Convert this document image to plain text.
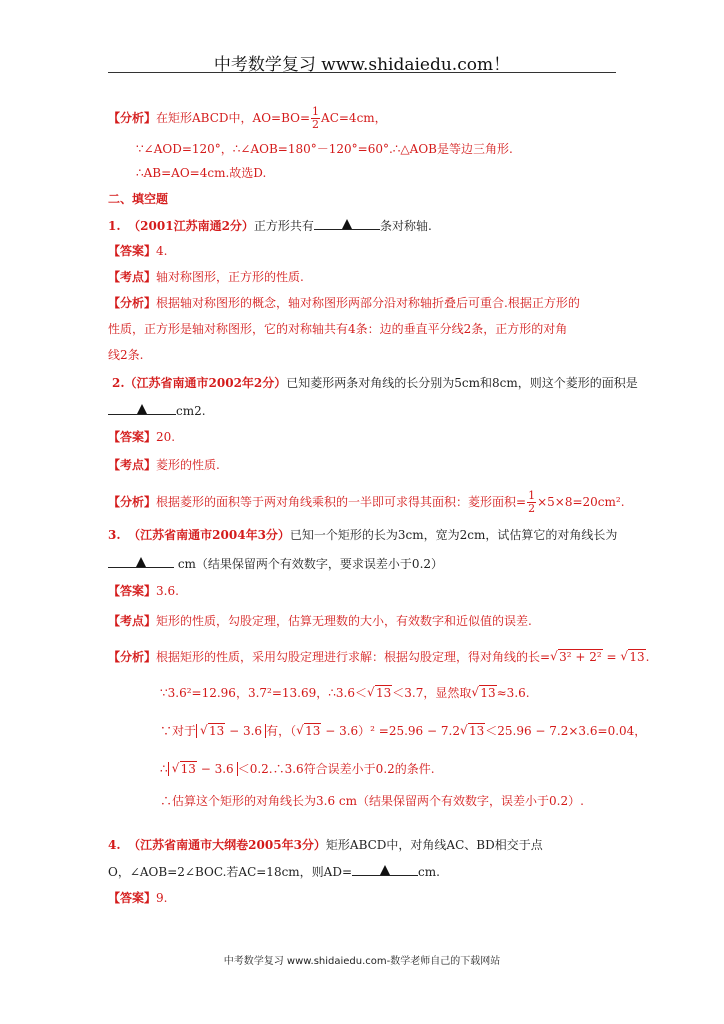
中考数学复习 www.shidaiedu.com！
【分析】在矩形ABCD中，$AO=BO= \frac{1}{2} AC=4cm$，
∵∠AOD=120°，∴∠AOB=180°－120°=60°.∴△AOB是等边三角形.
∴AB=AO=4cm.故选D.
二、填空题
1. （2001江苏南通2分）正方形共有	条对称轴.
【答案】4.
【考点】轴对称图形，正方形的性质.
【分析】根据轴对称图形的概念，轴对称图形两部分沿对称轴折叠后可重合.根据正方形的
性质，正方形是轴对称图形，它的对称轴共有4条：边的垂直平分线2条，正方形的对角
线2条.
2.（江苏省南通市2002年2分）已知菱形两条对角线的长分别为5cm和8cm，则这个菱形的面积是
cm2.
【答案】20.
【考点】菱形的性质.
【分析】根据菱形的面积等于两对角线乘积的一半即可求得其面积：菱形面积= $\frac{1}{2} \times 5\times 8=20cm^2$.
3. （江苏省南通市2004年3分）已知一个矩形的长为3cm，宽为2cm，试估算它的对角线长为
cm（结果保留两个有效数字，要求误差小于0.2）
【答案】3.6.
【考点】矩形的性质，勾股定理，估算无理数的大小，有效数字和近似值的误差.
【分析】根据矩形的性质，采用勾股定理进行求解：根据勾股定理，得对角线的长= √ 3² + 2² = √ 13.
∵3.6²=12.96，3.7²=13.69，∴3.6＜ √ 13＜3.7，显然取 √ 13≈3.6.
∵对于 √ 13 − 3.6 有，（ √ 13 − 3.6）² =25.96 − 7.2 √ 13＜25.96 − 7.2×3.6=0.04，
∴ √ 13 − 3.6 ＜0.2.∴3.6符合误差小于0.2的条件.
∴估算这个矩形的对角线长为3.6 cm（结果保留两个有效数字，误差小于0.2）.
4. （江苏省南通市大纲卷2005年3分）矩形ABCD中，对角线AC、BD相交于点
O，∠AOB=2∠BOC.若AC=18cm，则AD=	cm.
【答案】9.
中考数学复习 www.shidaiedu.com-数学老师自己的下载网站
